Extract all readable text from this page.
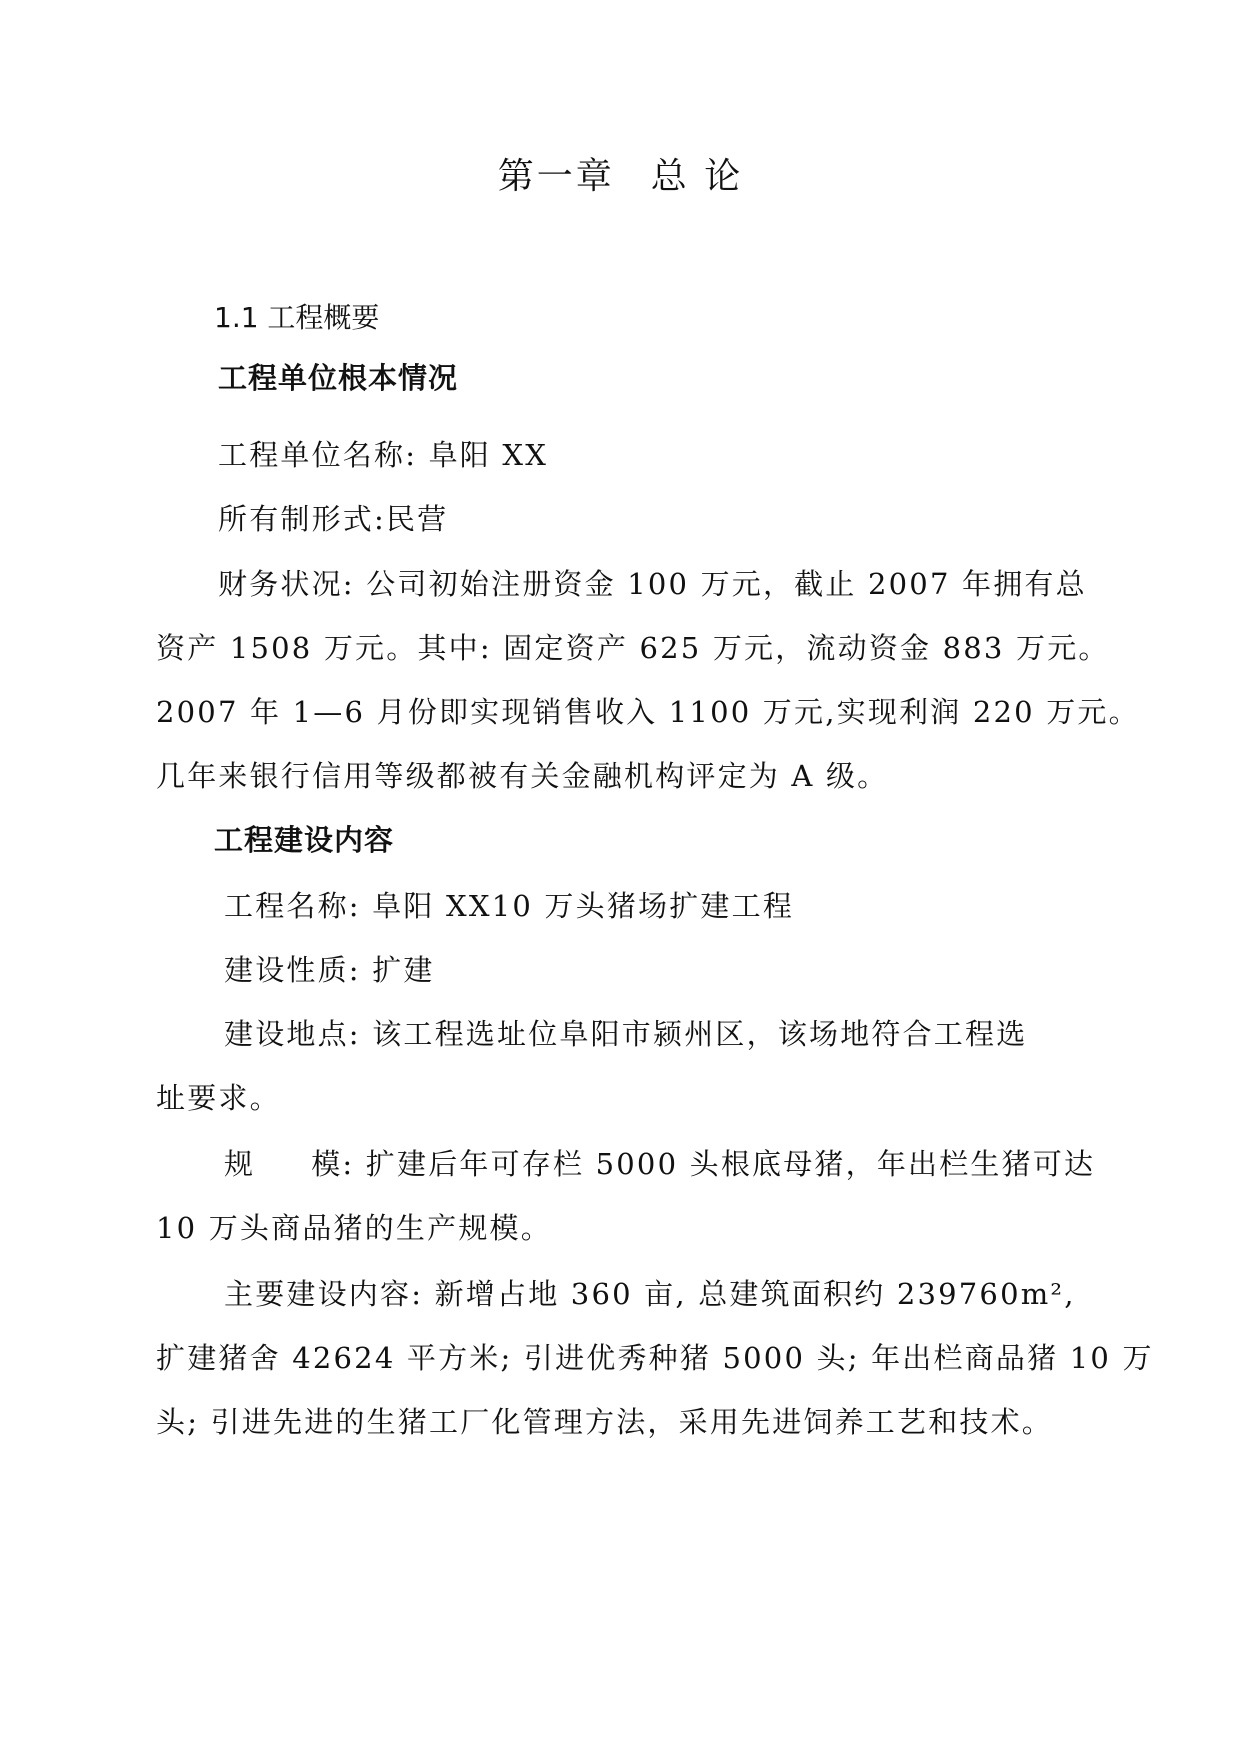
第一章 总 论
1.1 工程概要
工程单位根本情况
工程单位名称: 阜阳 XX
所有制形式:民营
财务状况: 公司初始注册资金 100 万元，截止 2007 年拥有总
资产 1508 万元。其中: 固定资产 625 万元，流动资金 883 万元。
2007 年 1—6 月份即实现销售收入 1100 万元,实现利润 220 万元。
几年来银行信用等级都被有关金融机构评定为 A 级。
工程建设内容
工程名称: 阜阳 XX10 万头猪场扩建工程
建设性质: 扩建
建设地点: 该工程选址位阜阳市颍州区，该场地符合工程选
址要求。
规 模: 扩建后年可存栏 5000 头根底母猪，年出栏生猪可达
10 万头商品猪的生产规模。
主要建设内容: 新增占地 360 亩, 总建筑面积约 239760m²,
扩建猪舍 42624 平方米; 引进优秀种猪 5000 头; 年出栏商品猪 10 万
头; 引进先进的生猪工厂化管理方法，采用先进饲养工艺和技术。
